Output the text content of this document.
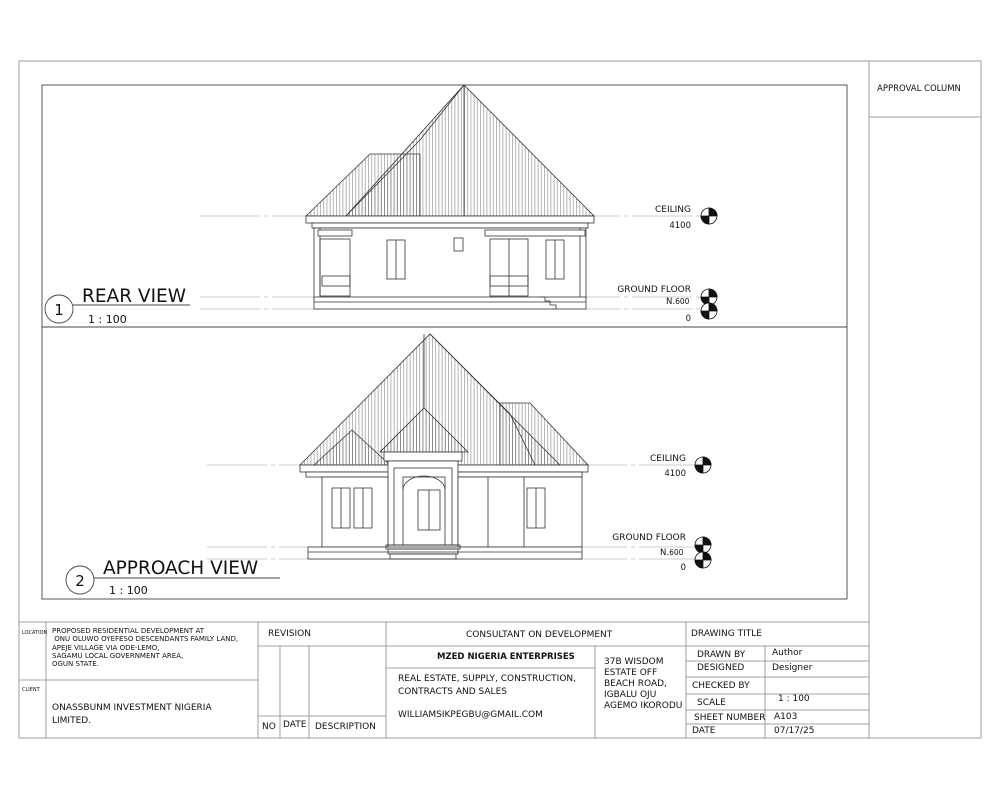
APPROVAL COLUMN
1
REAR VIEW
1 : 100
CEILING
4100
GROUND FLOOR
N.600
0
2
APPROACH VIEW
1 : 100
CEILING
4100
GROUND FLOOR
N.600
0
LOCATION PROPOSED RESIDENTIAL DEVELOPMENT AT
ONU OLUWO OYEFESO DESCENDANTS FAMILY LAND,
APEJE VILLAGE VIA ODE-LEMO,
SAGAMU LOCAL GOVERNMENT AREA,
OGUN STATE.
CLIENT
ONASSBUNM INVESTMENT NIGERIA
LIMITED.
REVISION
NO DATE DESCRIPTION
CONSULTANT ON DEVELOPMENT
MZED NIGERIA ENTERPRISES
REAL ESTATE, SUPPLY, CONSTRUCTION,
CONTRACTS AND SALES
WILLIAMSIKPEGBU@GMAIL.COM
37B WISDOM
ESTATE OFF
BEACH ROAD,
IGBALU OJU
AGEMO IKORODU
DRAWING TITLE
DRAWN BY	Author
DESIGNED	Designer
CHECKED BY
SCALE	1 : 100
SHEET NUMBER A103
DATE	07/17/25
